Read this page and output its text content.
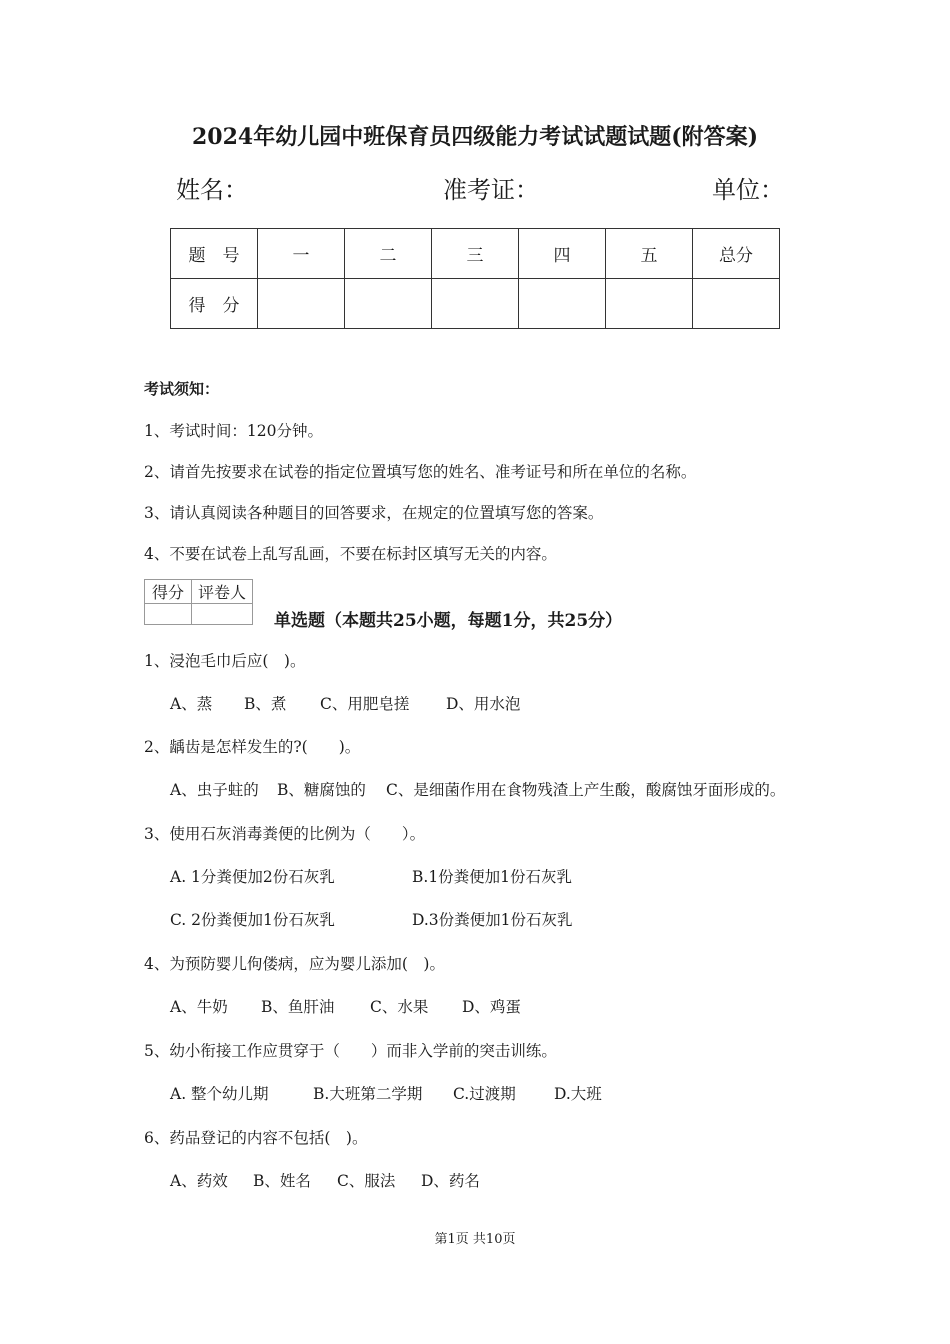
2024年幼儿园中班保育员四级能力考试试题试题(附答案)
姓名：	准考证：	单位：
题　号	一	二	三	四	五	总分
得　分						
考试须知：
1、考试时间：120分钟。
2、请首先按要求在试卷的指定位置填写您的姓名、准考证号和所在单位的名称。
3、请认真阅读各种题目的回答要求，在规定的位置填写您的答案。
4、不要在试卷上乱写乱画，不要在标封区填写无关的内容。
得分	评卷人

单选题（本题共25小题，每题1分，共25分）
1、浸泡毛巾后应(　)。
A、蒸 B、煮 C、用肥皂搓 D、用水泡
2、龋齿是怎样发生的?(　　)。
A、虫子蛀的 B、糖腐蚀的 C、是细菌作用在食物残渣上产生酸，酸腐蚀牙面形成的。
3、使用石灰消毒粪便的比例为（　　）。
A. 1分粪便加2份石灰乳	B.1份粪便加1份石灰乳
C. 2份粪便加1份石灰乳	D.3份粪便加1份石灰乳
4、为预防婴儿佝偻病，应为婴儿添加(　)。
A、牛奶 B、鱼肝油 C、水果 D、鸡蛋
5、幼小衔接工作应贯穿于（　　）而非入学前的突击训练。
A. 整个幼儿期	B.大班第二学期 C.过渡期 D.大班
6、药品登记的内容不包括(　)。
A、药效 B、姓名 C、服法 D、药名
第1页 共10页
